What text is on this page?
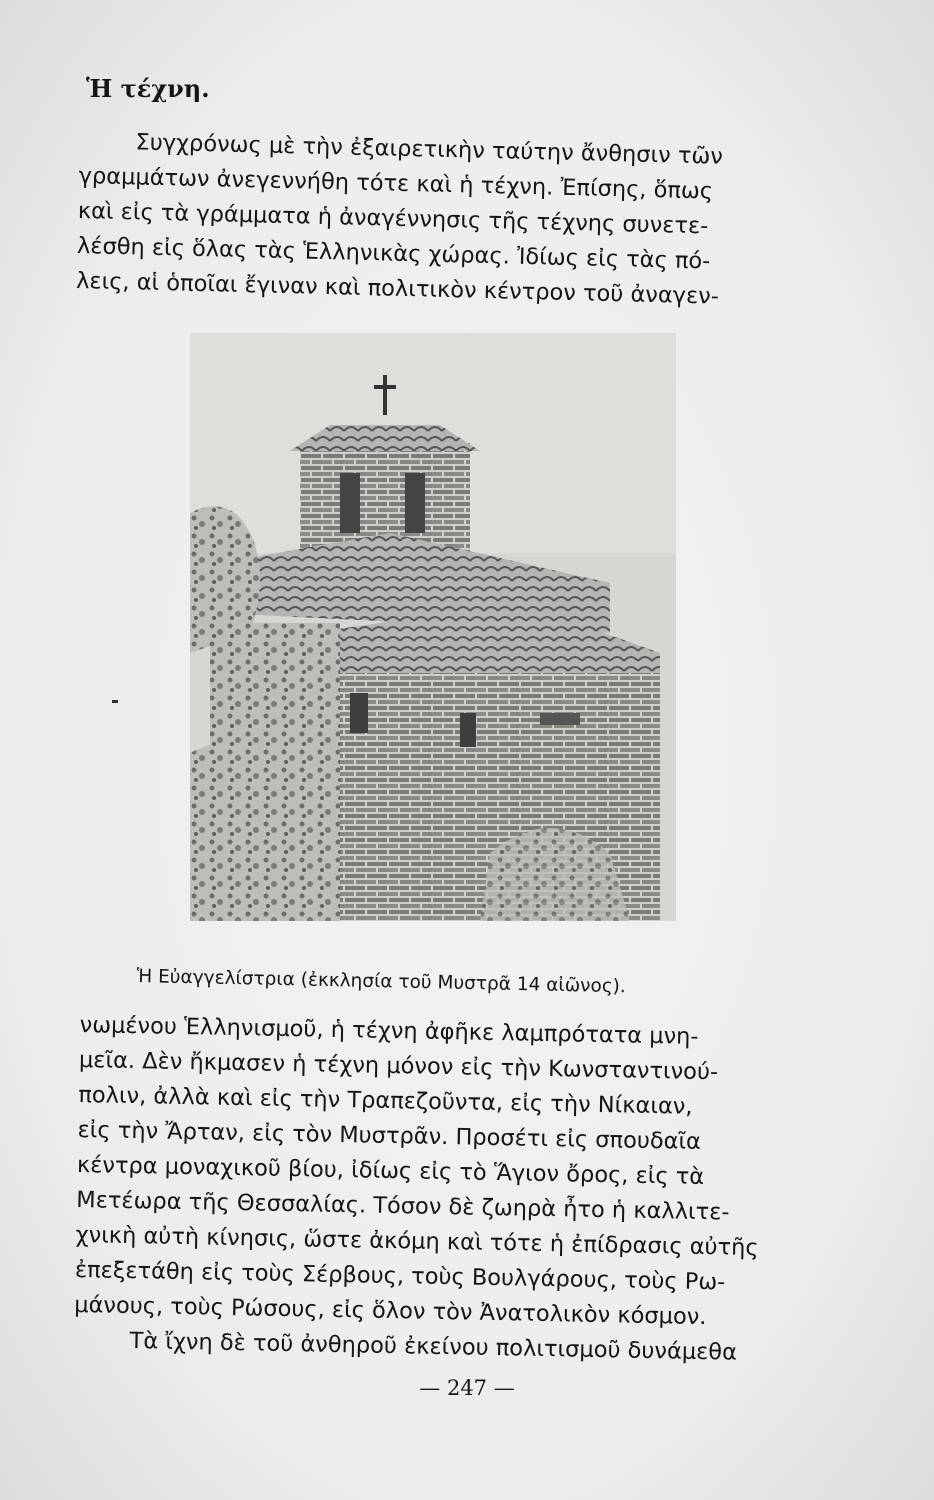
Ἡ τέχνη.
Συγχρόνως μὲ τὴν ἐξαιρετικὴν ταύτην ἄνθησιν τῶν
γραμμάτων ἀνεγεννήθη τότε καὶ ἡ τέχνη. Ἐπίσης, ὅπως
καὶ εἰς τὰ γράμματα ἡ ἀναγέννησις τῆς τέχνης συνετε-
λέσθη εἰς ὅλας τὰς Ἑλληνικὰς χώρας. Ἰδίως εἰς τὰς πό-
λεις, αἱ ὁποῖαι ἔγιναν καὶ πολιτικὸν κέντρον τοῦ ἀναγεν-
Ἡ Εὐαγγελίστρια (ἐκκλησία τοῦ Μυστρᾶ 14 αἰῶνος).
νωμένου Ἑλληνισμοῦ, ἡ τέχνη ἀφῆκε λαμπρότατα μνη-
μεῖα. Δὲν ἤκμασεν ἡ τέχνη μόνον εἰς τὴν Κωνσταντινού-
πολιν, ἀλλὰ καὶ εἰς τὴν Τραπεζοῦντα, εἰς τὴν Νίκαιαν,
εἰς τὴν Ἄρταν, εἰς τὸν Μυστρᾶν. Προσέτι εἰς σπουδαῖα
κέντρα μοναχικοῦ βίου, ἰδίως εἰς τὸ Ἅγιον ὄρος, εἰς τὰ
Μετέωρα τῆς Θεσσαλίας. Τόσον δὲ ζωηρὰ ἦτο ἡ καλλιτε-
χνικὴ αὐτὴ κίνησις, ὥστε ἀκόμη καὶ τότε ἡ ἐπίδρασις αὐτῆς
ἐπεξετάθη εἰς τοὺς Σέρβους, τοὺς Βουλγάρους, τοὺς Ρω-
μάνους, τοὺς Ρώσους, εἰς ὅλον τὸν Ἀνατολικὸν κόσμον.
Τὰ ἴχνη δὲ τοῦ ἀνθηροῦ ἐκείνου πολιτισμοῦ δυνάμεθα
— 247 —
